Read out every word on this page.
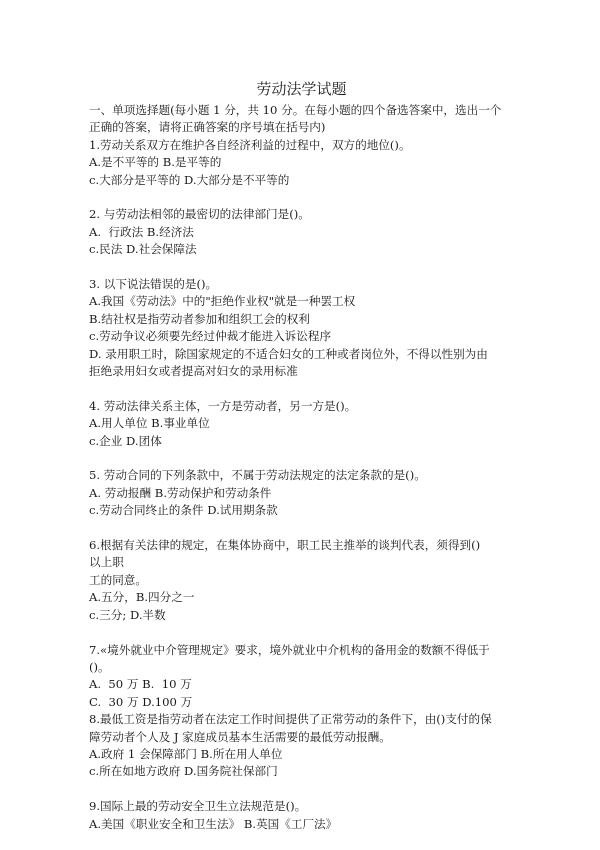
劳动法学试题

一、单项选择题(每小题 1 分，共 10 分。在每小题的四个备选答案中，选出一个

正确的答案，请将正确答案的序号填在括号内)

1.劳动关系双方在维护各自经济利益的过程中，双方的地位()。

A.是不平等的 B.是平等的

c.大部分是平等的 D.大部分是不平等的

2. 与劳动法相邻的最密切的法律部门是()。

A.  行政法 B.经济法

c.民法 D.社会保障法

3. 以下说法错误的是()。

A.我国《劳动法》中的"拒绝作业权"就是一种罢工权

B.结社权是指劳动者参加和组织工会的权利

c.劳动争议必须要先经过仲裁才能进入诉讼程序

D. 录用职工时，除国家规定的不适合妇女的工种或者岗位外，不得以性别为由

拒绝录用妇女或者提高对妇女的录用标准

4. 劳动法律关系主体，一方是劳动者，另一方是()。

A.用人单位 B.事业单位

c.企业 D.团体

5. 劳动合同的下列条款中，不属于劳动法规定的法定条款的是()。

A. 劳动报酬 B.劳动保护和劳动条件

c.劳动合同终止的条件 D.试用期条款

6.根据有关法律的规定，在集体协商中，职工民主推举的谈判代表，须得到()

以上职

工的同意。

A.五分，B.四分之一

c.三分; D.半数

7.«境外就业中介管理规定》要求，境外就业中介机构的备用金的数额不得低于

()。

A.  50 万 B.  10 万

C.  30 万 D.100 万

8.最低工资是指劳动者在法定工作时间提供了正常劳动的条件下，由()支付的保

障劳动者个人及 J 家庭成员基本生活需要的最低劳动报酬。

A.政府 1 会保障部门 B.所在用人单位

c.所在如地方政府 D.国务院社保部门

9.国际上最的劳动安全卫生立法规范是()。

A.美国《职业安全和卫生法》 B.英国《工厂法》
